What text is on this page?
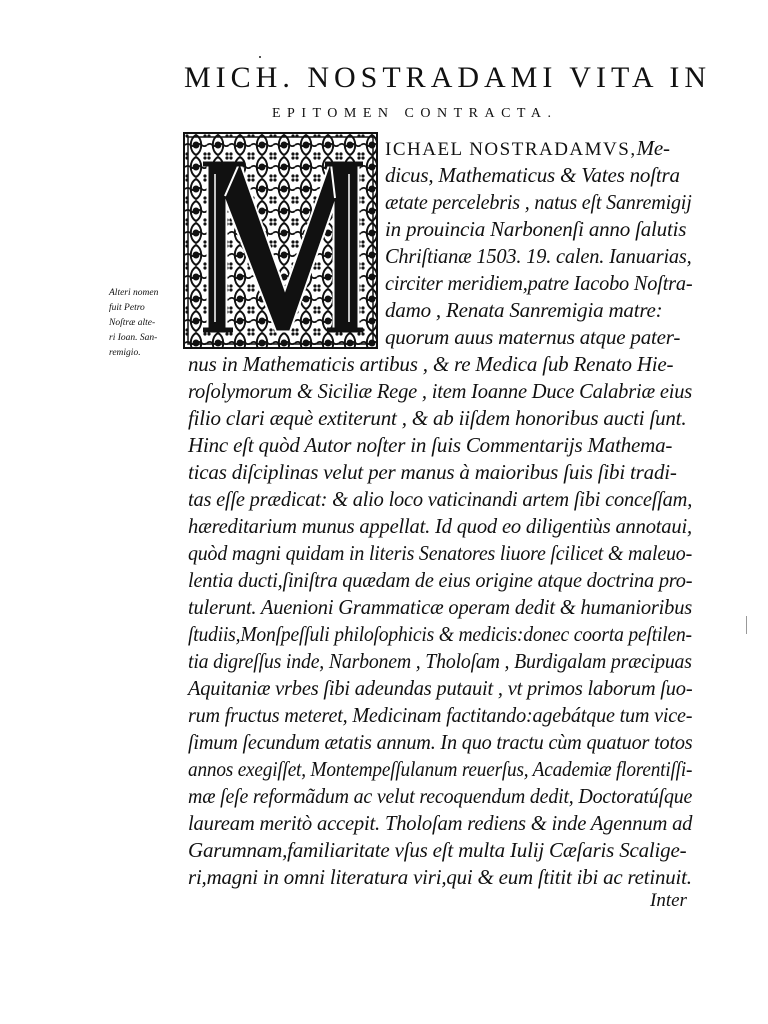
MICH. NOSTRADAMI VITA IN
EPITOMEN CONTRACTA.
ICHAEL NOSTRADAMVS,Me-
dicus, Mathematicus & Vates noſtra
ætate percelebris , natus eſt Sanremigij
in prouincia Narbonenſi anno ſalutis
Chriſtianæ 1503. 19. calen. Ianuarias,
circiter meridiem,patre Iacobo Noſtra-
damo , Renata Sanremigia matre:
quorum auus maternus atque pater-
nus in Mathematicis artibus , & re Medica ſub Renato Hie-
roſolymorum & Siciliæ Rege , item Ioanne Duce Calabriæ eius
filio clari æquè extiterunt , & ab iiſdem honoribus aucti ſunt.
Hinc eſt quòd Autor noſter in ſuis Commentarijs Mathema-
ticas diſciplinas velut per manus à maioribus ſuis ſibi tradi-
tas eſſe prædicat: & alio loco vaticinandi artem ſibi conceſſam,
hæreditarium munus appellat. Id quod eo diligentiùs annotaui,
quòd magni quidam in literis Senatores liuore ſcilicet & maleuo-
lentia ducti,ſiniſtra quædam de eius origine atque doctrina pro-
tulerunt. Auenioni Grammaticæ operam dedit & humanioribus
ſtudiis,Monſpeſſuli philoſophicis & medicis:donec coorta peſtilen-
tia digreſſus inde, Narbonem , Tholoſam , Burdigalam præcipuas
Aquitaniæ vrbes ſibi adeundas putauit , vt primos laborum ſuo-
rum fructus meteret, Medicinam factitando:agebátque tum vice-
ſimum ſecundum ætatis annum. In quo tractu cùm quatuor totos
annos exegiſſet, Montempeſſulanum reuerſus, Academiæ florentiſſi-
mæ ſeſe reformãdum ac velut recoquendum dedit, Doctoratúſque
lauream meritò accepit. Tholoſam rediens & inde Agennum ad
Garumnam,familiaritate vſus eſt multa Iulij Cæſaris Scalige-
ri,magni in omni literatura viri,qui & eum ſtitit ibi ac retinuit.
Alteri nomen
fuit Petro
Noſtræ alte-
ri Ioan. San-
remigio.
Inter
